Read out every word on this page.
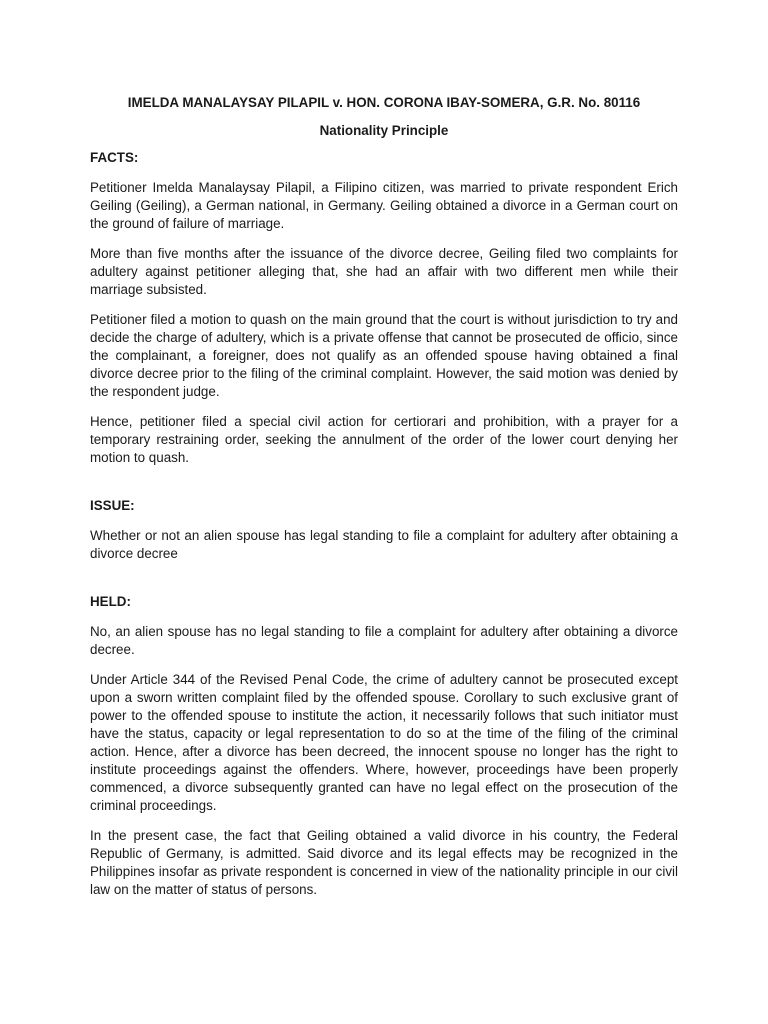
IMELDA MANALAYSAY PILAPIL v. HON. CORONA IBAY-SOMERA, G.R. No. 80116

Nationality Principle

FACTS:

Petitioner Imelda Manalaysay Pilapil, a Filipino citizen, was married to private respondent Erich Geiling (Geiling), a German national, in Germany. Geiling obtained a divorce in a German court on the ground of failure of marriage.

More than five months after the issuance of the divorce decree, Geiling filed two complaints for adultery against petitioner alleging that, she had an affair with two different men while their marriage subsisted.

Petitioner filed a motion to quash on the main ground that the court is without jurisdiction to try and decide the charge of adultery, which is a private offense that cannot be prosecuted de officio, since the complainant, a foreigner, does not qualify as an offended spouse having obtained a final divorce decree prior to the filing of the criminal complaint. However, the said motion was denied by the respondent judge.

Hence, petitioner filed a special civil action for certiorari and prohibition, with a prayer for a temporary restraining order, seeking the annulment of the order of the lower court denying her motion to quash.

ISSUE:

Whether or not an alien spouse has legal standing to file a complaint for adultery after obtaining a divorce decree

HELD:

No, an alien spouse has no legal standing to file a complaint for adultery after obtaining a divorce decree.

Under Article 344 of the Revised Penal Code, the crime of adultery cannot be prosecuted except upon a sworn written complaint filed by the offended spouse. Corollary to such exclusive grant of power to the offended spouse to institute the action, it necessarily follows that such initiator must have the status, capacity or legal representation to do so at the time of the filing of the criminal action. Hence, after a divorce has been decreed, the innocent spouse no longer has the right to institute proceedings against the offenders. Where, however, proceedings have been properly commenced, a divorce subsequently granted can have no legal effect on the prosecution of the criminal proceedings.

In the present case, the fact that Geiling obtained a valid divorce in his country, the Federal Republic of Germany, is admitted. Said divorce and its legal effects may be recognized in the Philippines insofar as private respondent is concerned in view of the nationality principle in our civil law on the matter of status of persons.
